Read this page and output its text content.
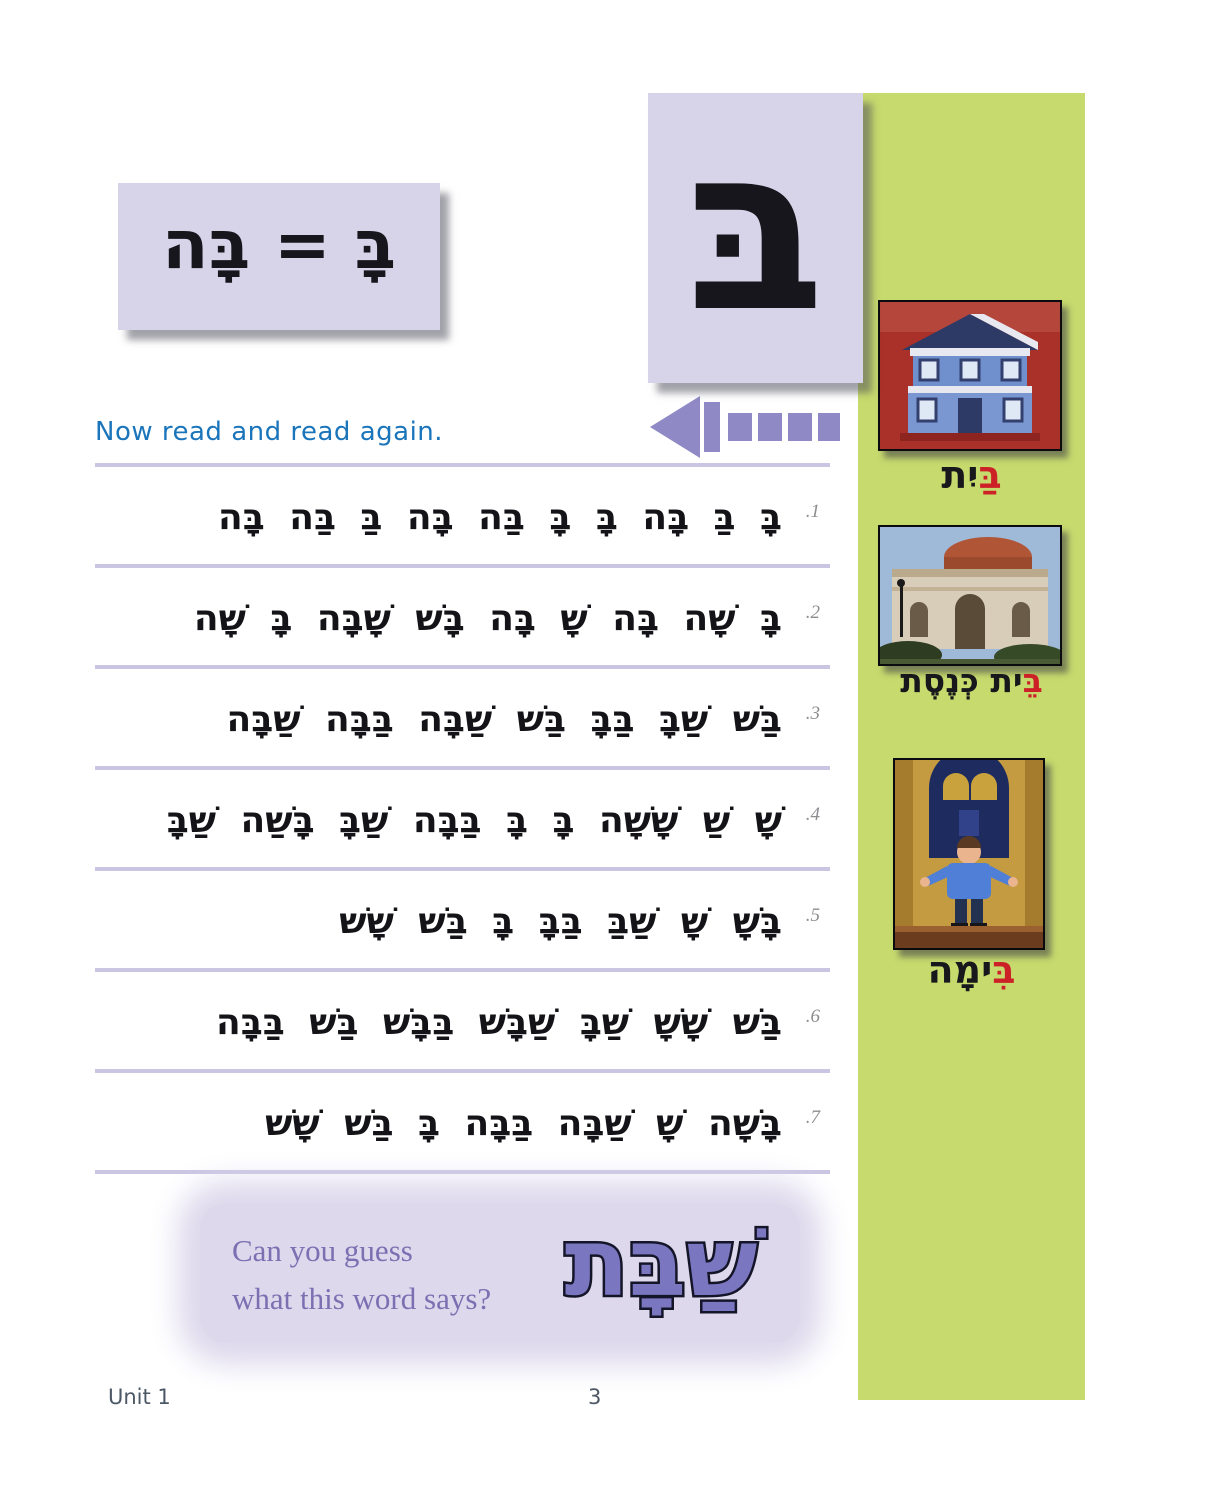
בַּיִת
בֵּית כְּנֶסֶת
בִּימָה
בָּ = בָּה בּ
Now read and read again.
.1
בָּ בַּ בָּה בָּ בָּ בַּה בָּה בַּ בַּה בָּה
.2
בָּ שָׁה בָּה שָׁ בָּה בָּשׁ שָׁבָּה בָּ שָׁה
.3
בַּשׁ שַׁבָּ בַּבָּ בַּשׁ שַׁבָּה בַּבָּה שַׁבָּה
.4
שָׁ שַׁ שָׁשָׁה בָּ בָּ בַּבָּה שַׁבָּ בָּשַׁה שַׁבָּ
.5
בָּשָׁ שָׁ שַׁבַּ בַּבָּ בָּ בַּשׁ שָׁשׁ
.6
בַּשׁ שָׁשָׁ שַׁבָּ שַׁבָּשׁ בַּבָּשׁ בַּשׁ בַּבָּה
.7
בָּשָׁה שָׁ שַׁבָּה בַּבָּה בָּ בַּשׁ שָׁשׁ
Can you guess
what this word says? שַׁבָּת
Unit 1	3
